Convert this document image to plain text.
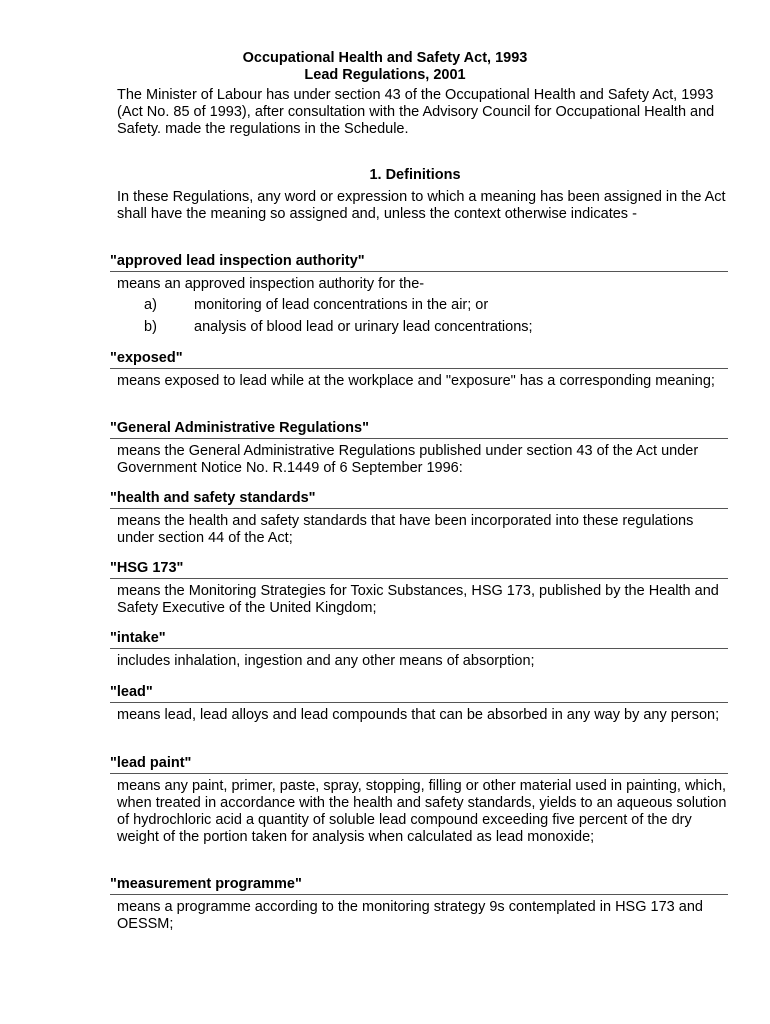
Occupational Health and Safety Act, 1993
Lead Regulations, 2001

The Minister of Labour has under section 43 of the Occupational Health and Safety Act, 1993 (Act No. 85 of 1993), after consultation with the Advisory Council for Occupational Health and Safety. made the regulations in the Schedule.

1. Definitions

In these Regulations, any word or expression to which a meaning has been assigned in the Act shall have the meaning so assigned and, unless the context otherwise indicates -

"approved lead inspection authority"
means an approved inspection authority for the-
a)	monitoring of lead concentrations in the air; or
b)	analysis of blood lead or urinary lead concentrations;
"exposed"
means exposed to lead while at the workplace and "exposure" has a corresponding meaning;
"General Administrative Regulations"
means the General Administrative Regulations published under section 43 of the Act under Government Notice No. R.1449 of 6 September 1996:
"health and safety standards"
means the health and safety standards that have been incorporated into these regulations under section 44 of the Act;
"HSG 173"
means the Monitoring Strategies for Toxic Substances, HSG 173, published by the Health and Safety Executive of the United Kingdom;
"intake"
includes inhalation, ingestion and any other means of absorption;
"lead"
means lead, lead alloys and lead compounds that can be absorbed in any way by any person;
"lead paint"
means any paint, primer, paste, spray, stopping, filling or other material used in painting, which, when treated in accordance with the health and safety standards, yields to an aqueous solution of hydrochloric acid a quantity of soluble lead compound exceeding five percent of the dry weight of the portion taken for analysis when calculated as lead monoxide;
"measurement programme"
means a programme according to the monitoring strategy 9s contemplated in HSG 173 and OESSM;
